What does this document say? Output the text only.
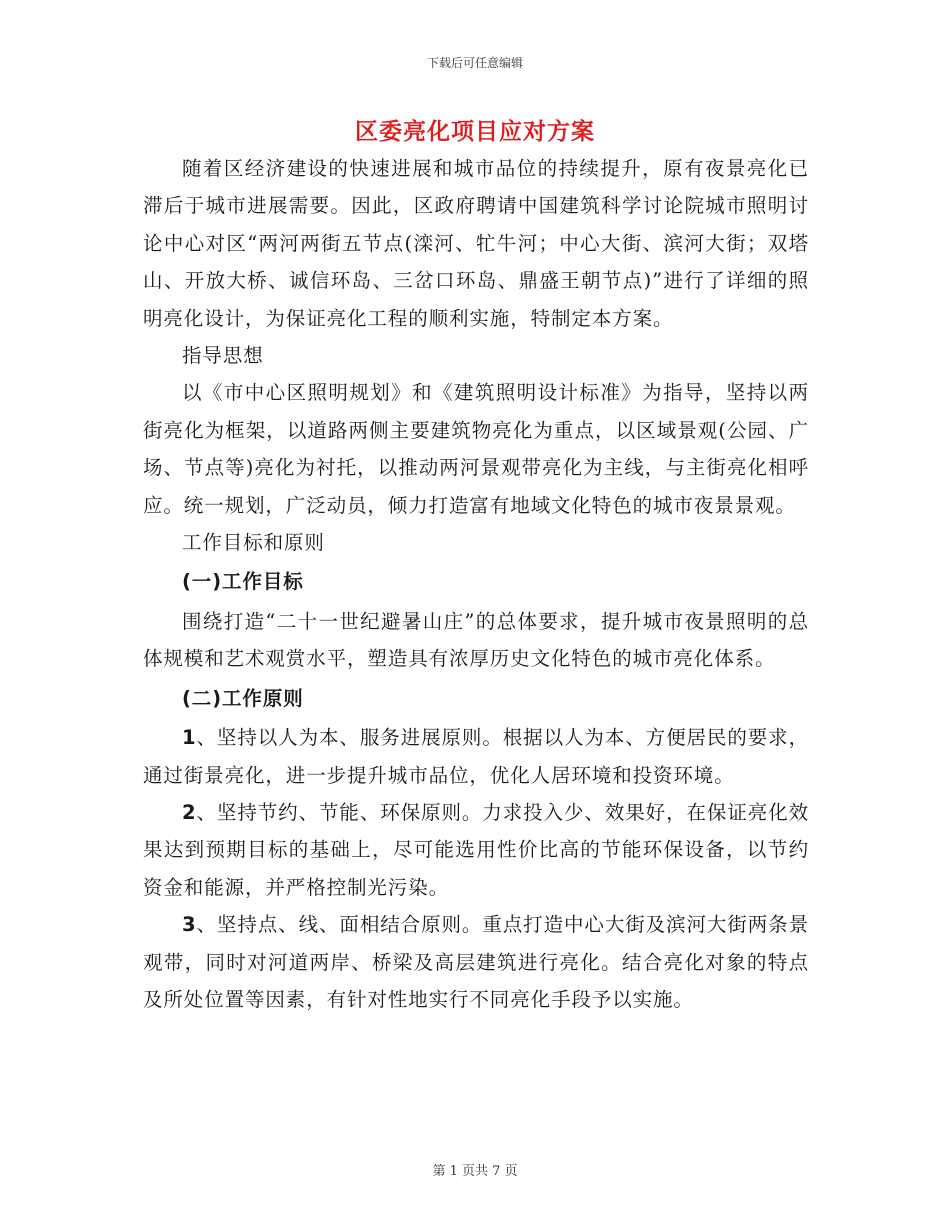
下载后可任意编辑
区委亮化项目应对方案

随着区经济建设的快速进展和城市品位的持续提升，原有夜景亮化已滞后于城市进展需要。因此，区政府聘请中国建筑科学讨论院城市照明讨论中心对区“两河两街五节点(滦河、牤牛河；中心大街、滨河大街；双塔山、开放大桥、诚信环岛、三岔口环岛、鼎盛王朝节点)”进行了详细的照明亮化设计，为保证亮化工程的顺利实施，特制定本方案。

指导思想

以《市中心区照明规划》和《建筑照明设计标准》为指导，坚持以两街亮化为框架，以道路两侧主要建筑物亮化为重点，以区域景观(公园、广场、节点等)亮化为衬托，以推动两河景观带亮化为主线，与主街亮化相呼应。统一规划，广泛动员，倾力打造富有地域文化特色的城市夜景景观。

工作目标和原则

(一)工作目标

围绕打造“二十一世纪避暑山庄”的总体要求，提升城市夜景照明的总体规模和艺术观赏水平，塑造具有浓厚历史文化特色的城市亮化体系。

(二)工作原则

1、坚持以人为本、服务进展原则。根据以人为本、方便居民的要求，通过街景亮化，进一步提升城市品位，优化人居环境和投资环境。

2、坚持节约、节能、环保原则。力求投入少、效果好，在保证亮化效果达到预期目标的基础上，尽可能选用性价比高的节能环保设备，以节约资金和能源，并严格控制光污染。

3、坚持点、线、面相结合原则。重点打造中心大街及滨河大街两条景观带，同时对河道两岸、桥梁及高层建筑进行亮化。结合亮化对象的特点及所处位置等因素，有针对性地实行不同亮化手段予以实施。

第 1 页共 7 页
